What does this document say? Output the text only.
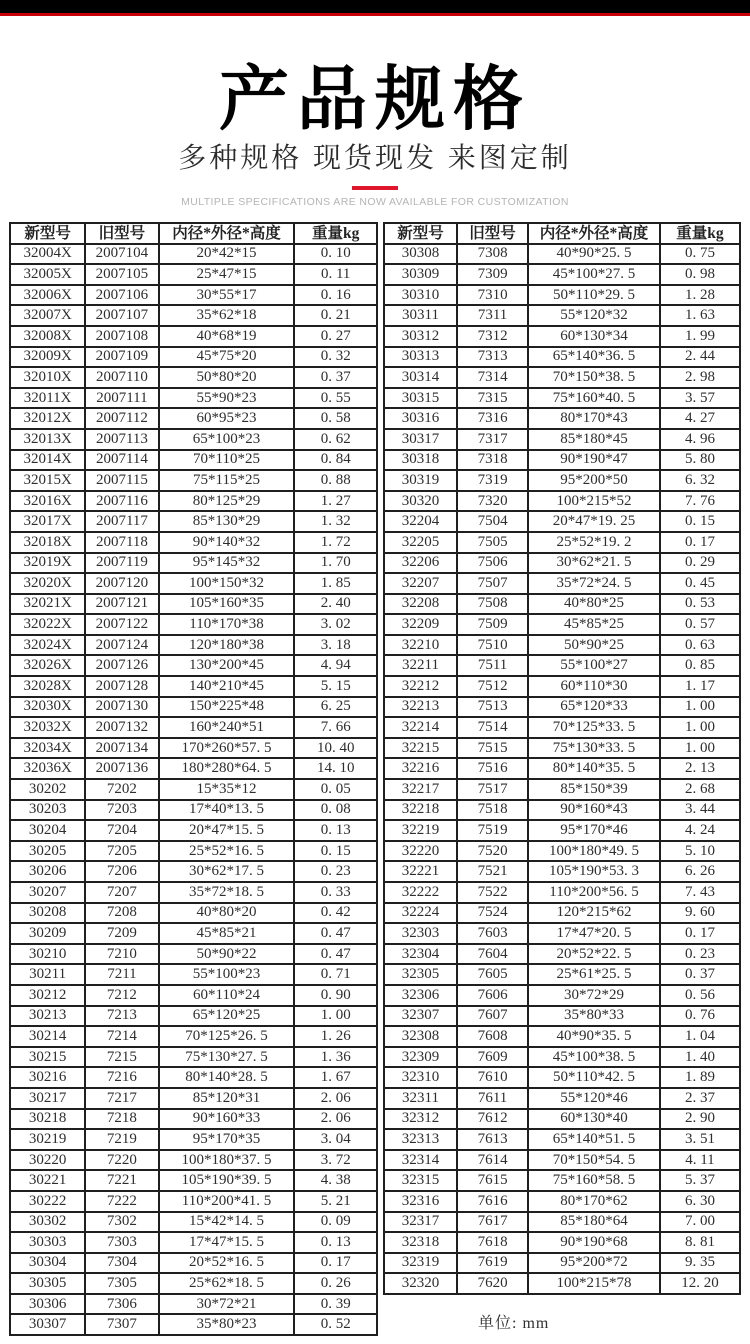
产品规格
多种规格 现货现发 来图定制
MULTIPLE SPECIFICATIONS ARE NOW AVAILABLE FOR CUSTOMIZATION
新型号	旧型号	内径*外径*高度	重量kg
32004X	2007104	20*42*15	0. 10
32005X	2007105	25*47*15	0. 11
32006X	2007106	30*55*17	0. 16
32007X	2007107	35*62*18	0. 21
32008X	2007108	40*68*19	0. 27
32009X	2007109	45*75*20	0. 32
32010X	2007110	50*80*20	0. 37
32011X	2007111	55*90*23	0. 55
32012X	2007112	60*95*23	0. 58
32013X	2007113	65*100*23	0. 62
32014X	2007114	70*110*25	0. 84
32015X	2007115	75*115*25	0. 88
32016X	2007116	80*125*29	1. 27
32017X	2007117	85*130*29	1. 32
32018X	2007118	90*140*32	1. 72
32019X	2007119	95*145*32	1. 70
32020X	2007120	100*150*32	1. 85
32021X	2007121	105*160*35	2. 40
32022X	2007122	110*170*38	3. 02
32024X	2007124	120*180*38	3. 18
32026X	2007126	130*200*45	4. 94
32028X	2007128	140*210*45	5. 15
32030X	2007130	150*225*48	6. 25
32032X	2007132	160*240*51	7. 66
32034X	2007134	170*260*57. 5	10. 40
32036X	2007136	180*280*64. 5	14. 10
30202	7202	15*35*12	0. 05
30203	7203	17*40*13. 5	0. 08
30204	7204	20*47*15. 5	0. 13
30205	7205	25*52*16. 5	0. 15
30206	7206	30*62*17. 5	0. 23
30207	7207	35*72*18. 5	0. 33
30208	7208	40*80*20	0. 42
30209	7209	45*85*21	0. 47
30210	7210	50*90*22	0. 47
30211	7211	55*100*23	0. 71
30212	7212	60*110*24	0. 90
30213	7213	65*120*25	1. 00
30214	7214	70*125*26. 5	1. 26
30215	7215	75*130*27. 5	1. 36
30216	7216	80*140*28. 5	1. 67
30217	7217	85*120*31	2. 06
30218	7218	90*160*33	2. 06
30219	7219	95*170*35	3. 04
30220	7220	100*180*37. 5	3. 72
30221	7221	105*190*39. 5	4. 38
30222	7222	110*200*41. 5	5. 21
30302	7302	15*42*14. 5	0. 09
30303	7303	17*47*15. 5	0. 13
30304	7304	20*52*16. 5	0. 17
30305	7305	25*62*18. 5	0. 26
30306	7306	30*72*21	0. 39
30307	7307	35*80*23	0. 52
新型号	旧型号	内径*外径*高度	重量kg
30308	7308	40*90*25. 5	0. 75
30309	7309	45*100*27. 5	0. 98
30310	7310	50*110*29. 5	1. 28
30311	7311	55*120*32	1. 63
30312	7312	60*130*34	1. 99
30313	7313	65*140*36. 5	2. 44
30314	7314	70*150*38. 5	2. 98
30315	7315	75*160*40. 5	3. 57
30316	7316	80*170*43	4. 27
30317	7317	85*180*45	4. 96
30318	7318	90*190*47	5. 80
30319	7319	95*200*50	6. 32
30320	7320	100*215*52	7. 76
32204	7504	20*47*19. 25	0. 15
32205	7505	25*52*19. 2	0. 17
32206	7506	30*62*21. 5	0. 29
32207	7507	35*72*24. 5	0. 45
32208	7508	40*80*25	0. 53
32209	7509	45*85*25	0. 57
32210	7510	50*90*25	0. 63
32211	7511	55*100*27	0. 85
32212	7512	60*110*30	1. 17
32213	7513	65*120*33	1. 00
32214	7514	70*125*33. 5	1. 00
32215	7515	75*130*33. 5	1. 00
32216	7516	80*140*35. 5	2. 13
32217	7517	85*150*39	2. 68
32218	7518	90*160*43	3. 44
32219	7519	95*170*46	4. 24
32220	7520	100*180*49. 5	5. 10
32221	7521	105*190*53. 3	6. 26
32222	7522	110*200*56. 5	7. 43
32224	7524	120*215*62	9. 60
32303	7603	17*47*20. 5	0. 17
32304	7604	20*52*22. 5	0. 23
32305	7605	25*61*25. 5	0. 37
32306	7606	30*72*29	0. 56
32307	7607	35*80*33	0. 76
32308	7608	40*90*35. 5	1. 04
32309	7609	45*100*38. 5	1. 40
32310	7610	50*110*42. 5	1. 89
32311	7611	55*120*46	2. 37
32312	7612	60*130*40	2. 90
32313	7613	65*140*51. 5	3. 51
32314	7614	70*150*54. 5	4. 11
32315	7615	75*160*58. 5	5. 37
32316	7616	80*170*62	6. 30
32317	7617	85*180*64	7. 00
32318	7618	90*190*68	8. 81
32319	7619	95*200*72	9. 35
32320	7620	100*215*78	12. 20
单位: mm
